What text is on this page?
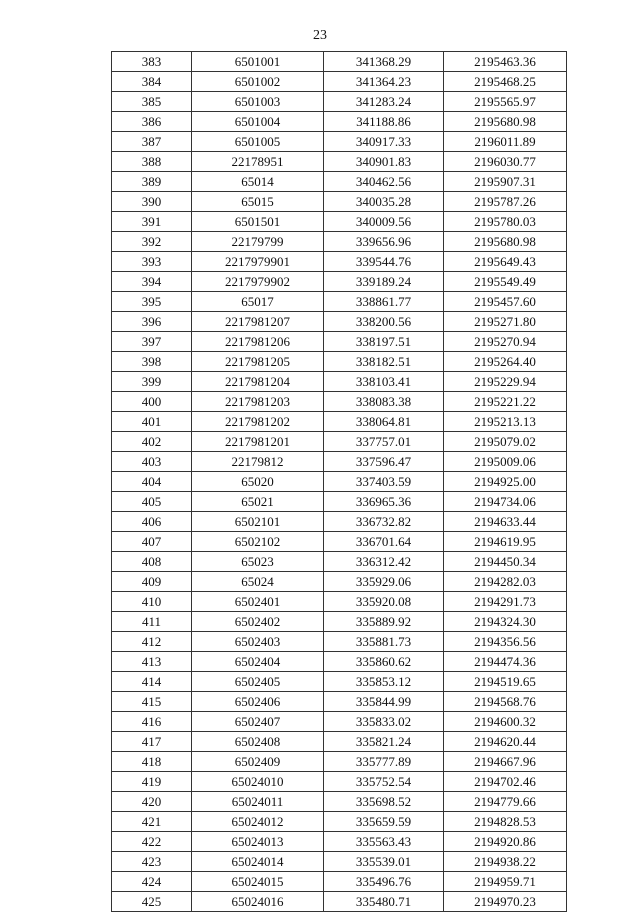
23
383	6501001	341368.29	2195463.36
384	6501002	341364.23	2195468.25
385	6501003	341283.24	2195565.97
386	6501004	341188.86	2195680.98
387	6501005	340917.33	2196011.89
388	22178951	340901.83	2196030.77
389	65014	340462.56	2195907.31
390	65015	340035.28	2195787.26
391	6501501	340009.56	2195780.03
392	22179799	339656.96	2195680.98
393	2217979901	339544.76	2195649.43
394	2217979902	339189.24	2195549.49
395	65017	338861.77	2195457.60
396	2217981207	338200.56	2195271.80
397	2217981206	338197.51	2195270.94
398	2217981205	338182.51	2195264.40
399	2217981204	338103.41	2195229.94
400	2217981203	338083.38	2195221.22
401	2217981202	338064.81	2195213.13
402	2217981201	337757.01	2195079.02
403	22179812	337596.47	2195009.06
404	65020	337403.59	2194925.00
405	65021	336965.36	2194734.06
406	6502101	336732.82	2194633.44
407	6502102	336701.64	2194619.95
408	65023	336312.42	2194450.34
409	65024	335929.06	2194282.03
410	6502401	335920.08	2194291.73
411	6502402	335889.92	2194324.30
412	6502403	335881.73	2194356.56
413	6502404	335860.62	2194474.36
414	6502405	335853.12	2194519.65
415	6502406	335844.99	2194568.76
416	6502407	335833.02	2194600.32
417	6502408	335821.24	2194620.44
418	6502409	335777.89	2194667.96
419	65024010	335752.54	2194702.46
420	65024011	335698.52	2194779.66
421	65024012	335659.59	2194828.53
422	65024013	335563.43	2194920.86
423	65024014	335539.01	2194938.22
424	65024015	335496.76	2194959.71
425	65024016	335480.71	2194970.23
